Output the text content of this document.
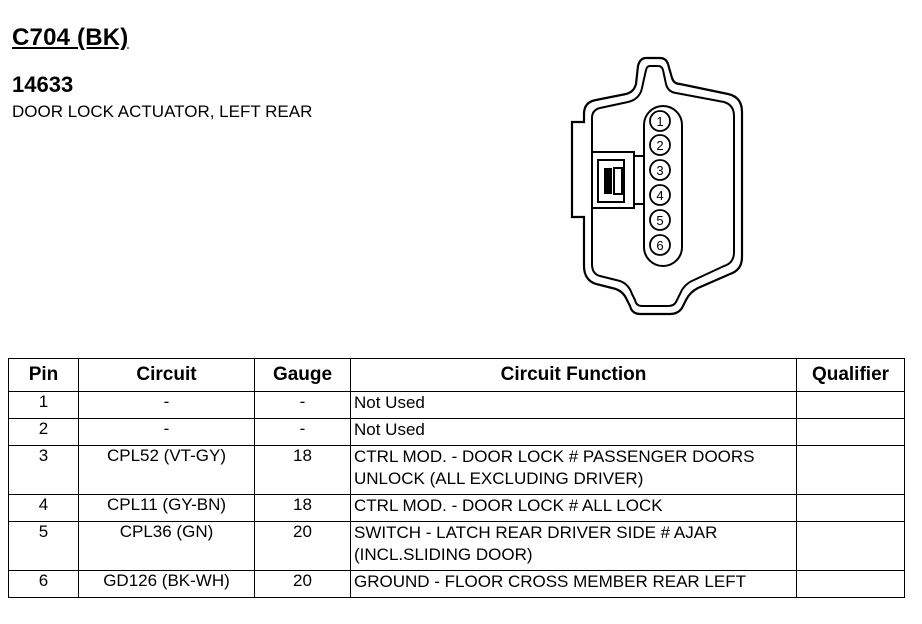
C704 (BK)
14633
DOOR LOCK ACTUATOR, LEFT REAR
1
2
3
4
5
6
Pin	Circuit	Gauge	Circuit Function	Qualifier
1	-	-	Not Used	
2	-	-	Not Used	
3	CPL52 (VT-GY)	18	CTRL MOD. - DOOR LOCK # PASSENGER DOORS UNLOCK (ALL EXCLUDING DRIVER)	
4	CPL11 (GY-BN)	18	CTRL MOD. - DOOR LOCK # ALL LOCK	
5	CPL36 (GN)	20	SWITCH - LATCH REAR DRIVER SIDE # AJAR (INCL.SLIDING DOOR)	
6	GD126 (BK-WH)	20	GROUND - FLOOR CROSS MEMBER REAR LEFT	
